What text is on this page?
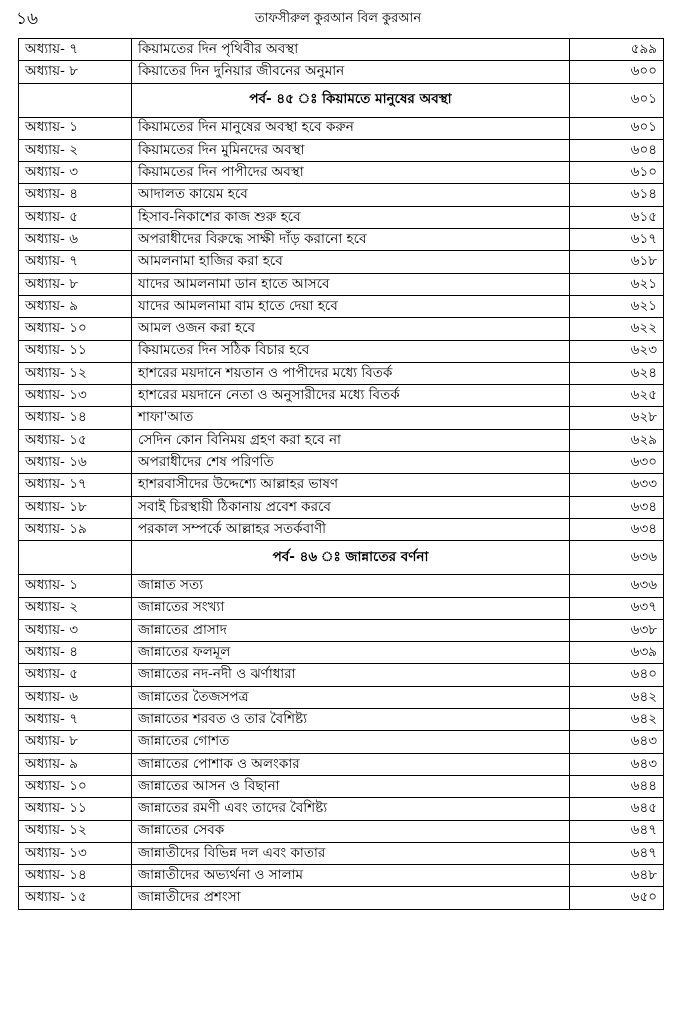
১৬	তাফসীরুল কুরআন বিল কুরআন
অধ্যায়- ৭	কিয়ামতের দিন পৃথিবীর অবস্থা	৫৯৯
অধ্যায়- ৮	কিয়াতের দিন দুনিয়ার জীবনের অনুমান	৬০০
	পর্ব- ৪৫ ঃ কিয়ামতে মানুষের অবস্থা	৬০১
অধ্যায়- ১	কিয়ামতের দিন মানুষের অবস্থা হবে করুন	৬০১
অধ্যায়- ২	কিয়ামতের দিন মুমিনদের অবস্থা	৬০৪
অধ্যায়- ৩	কিয়ামতের দিন পাপীদের অবস্থা	৬১০
অধ্যায়- ৪	আদালত কায়েম হবে	৬১৪
অধ্যায়- ৫	হিসাব-নিকাশের কাজ শুরু হবে	৬১৫
অধ্যায়- ৬	অপরাধীদের বিরুদ্ধে সাক্ষী দাঁড় করানো হবে	৬১৭
অধ্যায়- ৭	আমলনামা হাজির করা হবে	৬১৮
অধ্যায়- ৮	যাদের আমলনামা ডান হাতে আসবে	৬২১
অধ্যায়- ৯	যাদের আমলনামা বাম হাতে দেয়া হবে	৬২১
অধ্যায়- ১০	আমল ওজন করা হবে	৬২২
অধ্যায়- ১১	কিয়ামতের দিন সঠিক বিচার হবে	৬২৩
অধ্যায়- ১২	হাশরের ময়দানে শয়তান ও পাপীদের মধ্যে বিতর্ক	৬২৪
অধ্যায়- ১৩	হাশরের ময়দানে নেতা ও অনুসারীদের মধ্যে বিতর্ক	৬২৫
অধ্যায়- ১৪	শাফা'আত	৬২৮
অধ্যায়- ১৫	সেদিন কোন বিনিময় গ্রহণ করা হবে না	৬২৯
অধ্যায়- ১৬	অপরাধীদের শেষ পরিণতি	৬৩০
অধ্যায়- ১৭	হাশরবাসীদের উদ্দেশ্যে আল্লাহর ভাষণ	৬৩৩
অধ্যায়- ১৮	সবাই চিরস্থায়ী ঠিকানায় প্রবেশ করবে	৬৩৪
অধ্যায়- ১৯	পরকাল সম্পর্কে আল্লাহর সতর্কবাণী	৬৩৪
	পর্ব- ৪৬ ঃ জান্নাতের বর্ণনা	৬৩৬
অধ্যায়- ১	জান্নাত সত্য	৬৩৬
অধ্যায়- ২	জান্নাতের সংখ্যা	৬৩৭
অধ্যায়- ৩	জান্নাতের প্রাসাদ	৬৩৮
অধ্যায়- ৪	জান্নাতের ফলমূল	৬৩৯
অধ্যায়- ৫	জান্নাতের নদ-নদী ও ঝর্ণাধারা	৬৪০
অধ্যায়- ৬	জান্নাতের তৈজসপত্র	৬৪২
অধ্যায়- ৭	জান্নাতের শরবত ও তার বৈশিষ্ট্য	৬৪২
অধ্যায়- ৮	জান্নাতের গোশত	৬৪৩
অধ্যায়- ৯	জান্নাতের পোশাক ও অলংকার	৬৪৩
অধ্যায়- ১০	জান্নাতের আসন ও বিছানা	৬৪৪
অধ্যায়- ১১	জান্নাতের রমণী এবং তাদের বৈশিষ্ট্য	৬৪৫
অধ্যায়- ১২	জান্নাতের সেবক	৬৪৭
অধ্যায়- ১৩	জান্নাতীদের বিভিন্ন দল এবং কাতার	৬৪৭
অধ্যায়- ১৪	জান্নাতীদের অভ্যর্থনা ও সালাম	৬৪৮
অধ্যায়- ১৫	জান্নাতীদের প্রশংসা	৬৫০
